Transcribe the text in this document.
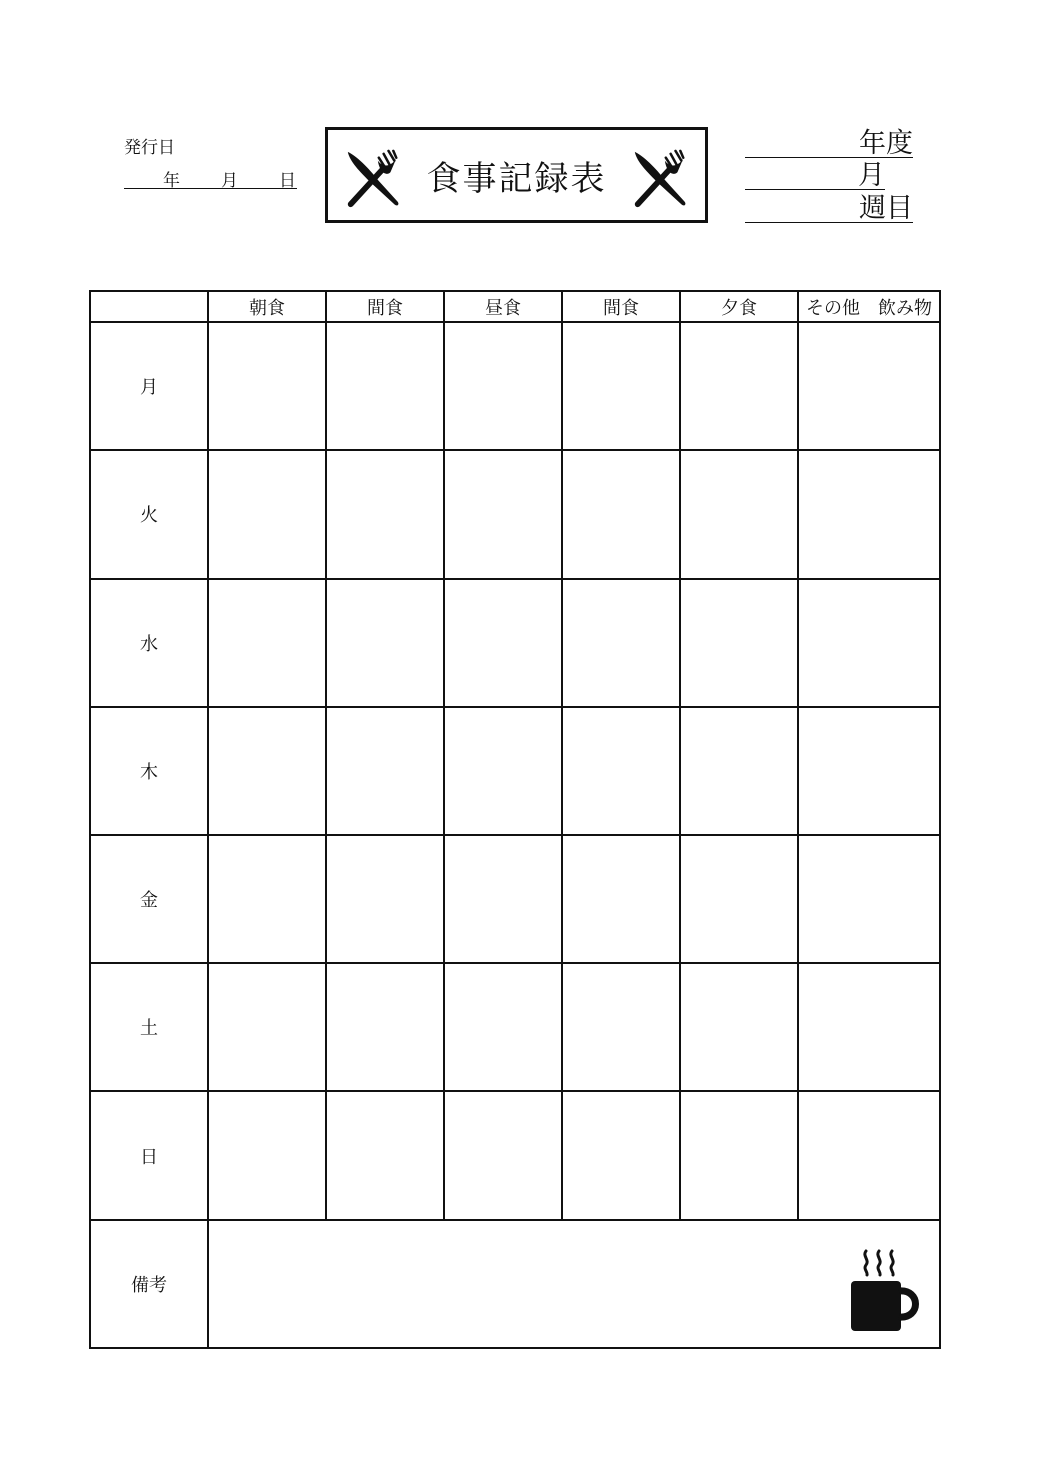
発行日
年 月 日	食事記録表
年度
月
週目
	朝食	間食	昼食	間食	夕食	その他　飲み物
月						
火						
水						
木						
金						
土						
日						
備考	
